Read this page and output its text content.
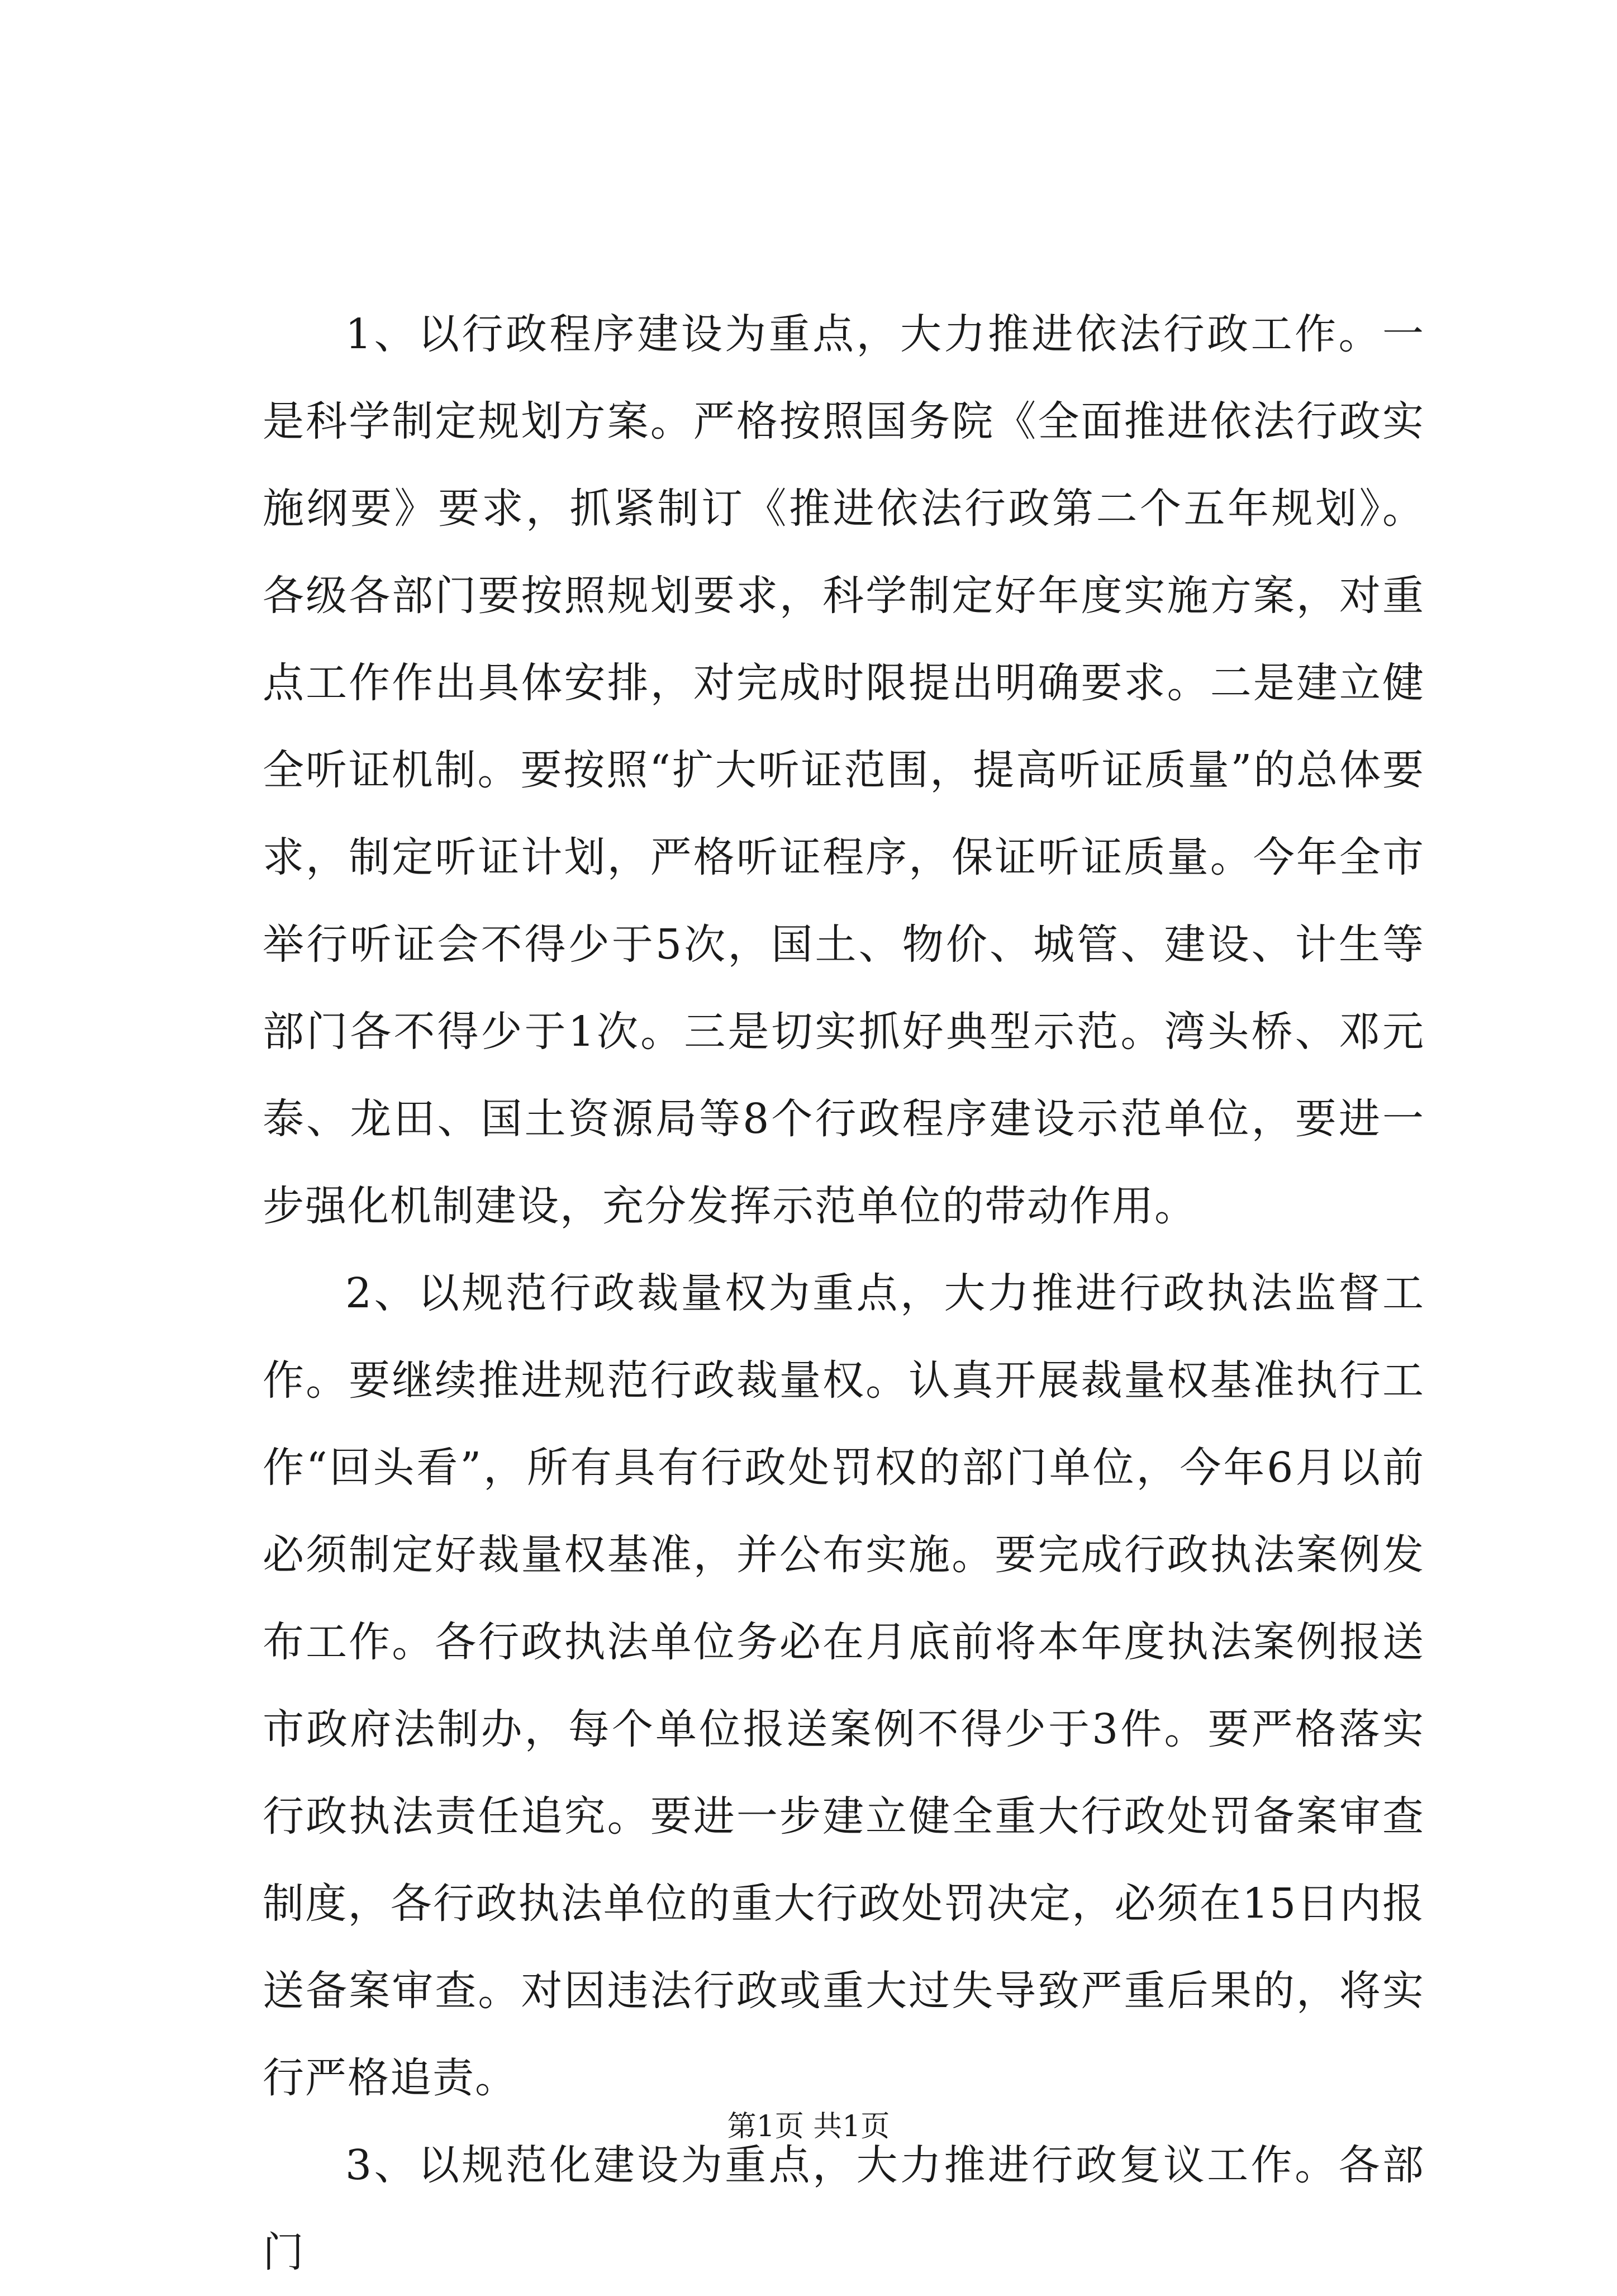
1、以行政程序建设为重点，大力推进依法行政工作。一是科学制定规划方案。严格按照国务院《全面推进依法行政实施纲要》要求，抓紧制订《推进依法行政第二个五年规划》。各级各部门要按照规划要求，科学制定好年度实施方案，对重点工作作出具体安排，对完成时限提出明确要求。二是建立健全听证机制。要按照“扩大听证范围，提高听证质量”的总体要求，制定听证计划，严格听证程序，保证听证质量。今年全市举行听证会不得少于5次，国土、物价、城管、建设、计生等部门各不得少于1次。三是切实抓好典型示范。湾头桥、邓元泰、龙田、国土资源局等8个行政程序建设示范单位，要进一步强化机制建设，充分发挥示范单位的带动作用。

2、以规范行政裁量权为重点，大力推进行政执法监督工作。要继续推进规范行政裁量权。认真开展裁量权基准执行工作“回头看”，所有具有行政处罚权的部门单位，今年6月以前必须制定好裁量权基准，并公布实施。要完成行政执法案例发布工作。各行政执法单位务必在月底前将本年度执法案例报送市政府法制办，每个单位报送案例不得少于3件。要严格落实行政执法责任追究。要进一步建立健全重大行政处罚备案审查制度，各行政执法单位的重大行政处罚决定，必须在15日内报送备案审查。对因违法行政或重大过失导致严重后果的，将实行严格追责。

3、以规范化建设为重点，大力推进行政复议工作。各部门

第1页 共1页
